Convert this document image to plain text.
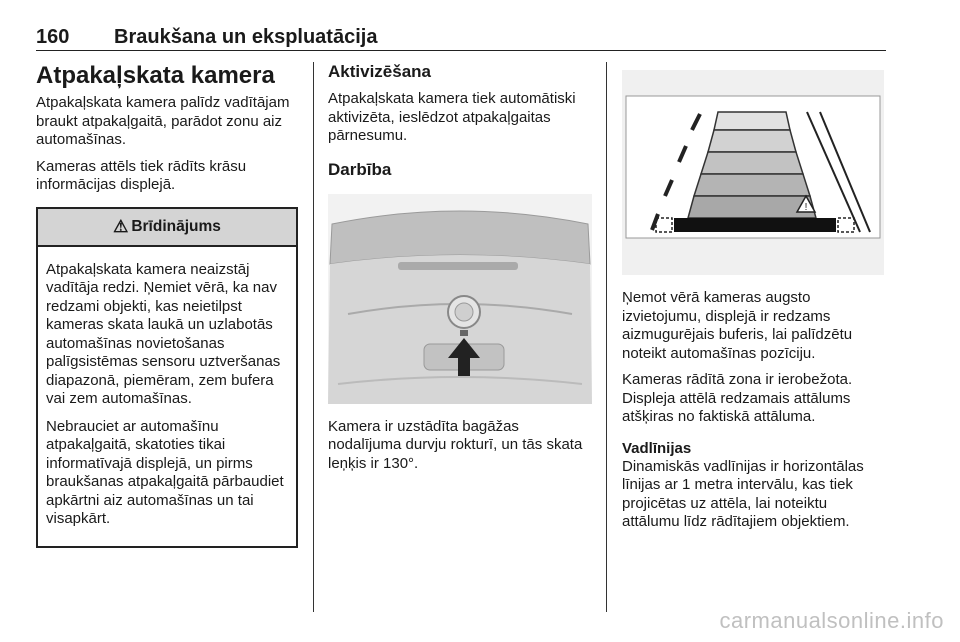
160 Braukšana un ekspluatācija
Atpakaļskata kamera

Atpakaļskata kamera palīdz vadītājam braukt atpakaļgaitā, parādot zonu aiz automašīnas.

Kameras attēls tiek rādīts krāsu informācijas displejā.

⚠ Brīdinājums

Atpakaļskata kamera neaizstāj vadītāja redzi. Ņemiet vērā, ka nav redzami objekti, kas neietilpst kameras skata laukā un uzlabotās automašīnas novietošanas palīgsistēmas sensoru uztveršanas diapazonā, piemēram, zem bufera vai zem automašīnas.

Nebrauciet ar automašīnu atpakaļgaitā, skatoties tikai informatīvajā displejā, un pirms braukšanas atpakaļgaitā pārbaudiet apkārtni aiz automašīnas un tai visapkārt.

Aktivizēšana

Atpakaļskata kamera tiek automātiski aktivizēta, ieslēdzot atpakaļgaitas pārnesumu.

Darbība

Kamera ir uzstādīta bagāžas nodalījuma durvju rokturī, un tās skata leņķis ir 130°.

!

Ņemot vērā kameras augsto izvietojumu, displejā ir redzams aizmugurējais buferis, lai palīdzētu noteikt automašīnas pozīciju.

Kameras rādītā zona ir ierobežota. Displeja attēlā redzamais attālums atšķiras no faktiskā attāluma.

Vadlīnijas

Dinamiskās vadlīnijas ir horizontālas līnijas ar 1 metra intervālu, kas tiek projicētas uz attēla, lai noteiktu attālumu līdz rādītajiem objektiem.

carmanualsonline.info
